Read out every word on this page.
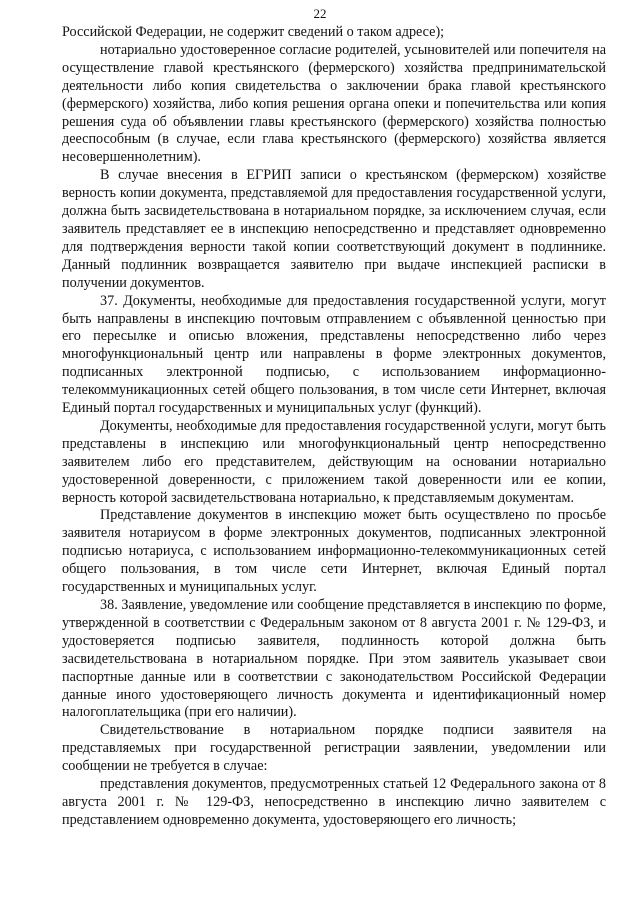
22

Российской Федерации, не содержит сведений о таком адресе);

нотариально удостоверенное согласие родителей, усыновителей или попечителя на осуществление главой крестьянского (фермерского) хозяйства предпринимательской деятельности либо копия свидетельства о заключении брака главой крестьянского (фермерского) хозяйства, либо копия решения органа опеки и попечительства или копия решения суда об объявлении главы крестьянского (фермерского) хозяйства полностью дееспособным (в случае, если глава крестьянского (фермерского) хозяйства является несовершеннолетним).

В случае внесения в ЕГРИП записи о крестьянском (фермерском) хозяйстве верность копии документа, представляемой для предоставления государственной услуги, должна быть засвидетельствована в нотариальном порядке, за исключением случая, если заявитель представляет ее в инспекцию непосредственно и представляет одновременно для подтверждения верности такой копии соответствующий документ в подлиннике. Данный подлинник возвращается заявителю при выдаче инспекцией расписки в получении документов.

37. Документы, необходимые для предоставления государственной услуги, могут быть направлены в инспекцию почтовым отправлением с объявленной ценностью при его пересылке и описью вложения, представлены непосредственно либо через многофункциональный центр или направлены в форме электронных документов, подписанных электронной подписью, с использованием информационно-телекоммуникационных сетей общего пользования, в том числе сети Интернет, включая Единый портал государственных и муниципальных услуг (функций).

Документы, необходимые для предоставления государственной услуги, могут быть представлены в инспекцию или многофункциональный центр непосредственно заявителем либо его представителем, действующим на основании нотариально удостоверенной доверенности, с приложением такой доверенности или ее копии, верность которой засвидетельствована нотариально, к представляемым документам.

Представление документов в инспекцию может быть осуществлено по просьбе заявителя нотариусом в форме электронных документов, подписанных электронной подписью нотариуса, с использованием информационно-телекоммуникационных сетей общего пользования, в том числе сети Интернет, включая Единый портал государственных и муниципальных услуг.

38. Заявление, уведомление или сообщение представляется в инспекцию по форме, утвержденной в соответствии с Федеральным законом от 8 августа 2001 г. № 129-ФЗ, и удостоверяется подписью заявителя, подлинность которой должна быть засвидетельствована в нотариальном порядке. При этом заявитель указывает свои паспортные данные или в соответствии с законодательством Российской Федерации данные иного удостоверяющего личность документа и идентификационный номер налогоплательщика (при его наличии).

Свидетельствование в нотариальном порядке подписи заявителя на представляемых при государственной регистрации заявлении, уведомлении или сообщении не требуется в случае:

представления документов, предусмотренных статьей 12 Федерального закона от 8 августа 2001 г. № 129-ФЗ, непосредственно в инспекцию лично заявителем с представлением одновременно документа, удостоверяющего его личность;
